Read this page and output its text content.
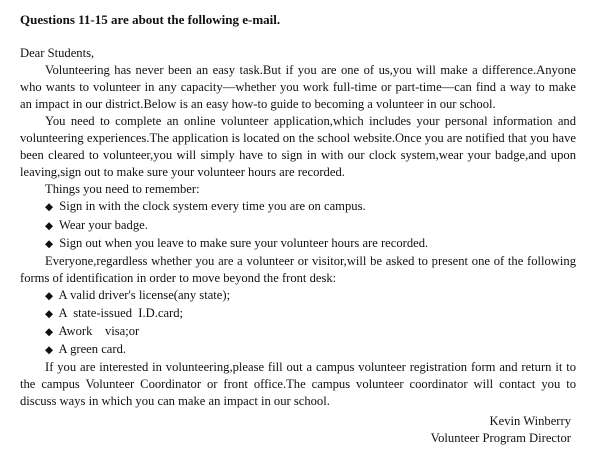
Questions 11-15 are about the following e-mail.

Dear Students,

Volunteering has never been an easy task.But if you are one of us,you will make a difference.Anyone who wants to volunteer in any capacity—whether you work full-time or part-time—can find a way to make an impact in our district.Below is an easy how-to guide to becoming a volunteer in our school.

You need to complete an online volunteer application,which includes your personal information and volunteering experiences.The application is located on the school website.Once you are notified that you have been cleared to volunteer,you will simply have to sign in with our clock system,wear your badge,and upon leaving,sign out to make sure your volunteer hours are recorded.

Things you need to remember:

◆ Sign in with the clock system every time you are on campus.
◆ Wear your badge.
◆ Sign out when you leave to make sure your volunteer hours are recorded.

Everyone,regardless whether you are a volunteer or visitor,will be asked to present one of the following forms of identification in order to move beyond the front desk:

◆ A valid driver's license(any state);
◆ A  state-issued  I.D.card;
◆ Awork    visa;or
◆ A green card.

If you are interested in volunteering,please fill out a campus volunteer registration form and return it to the campus Volunteer Coordinator or front office.The campus volunteer coordinator will contact you to discuss ways in which you can make an impact in our school.

Kevin Winberry
Volunteer Program Director
